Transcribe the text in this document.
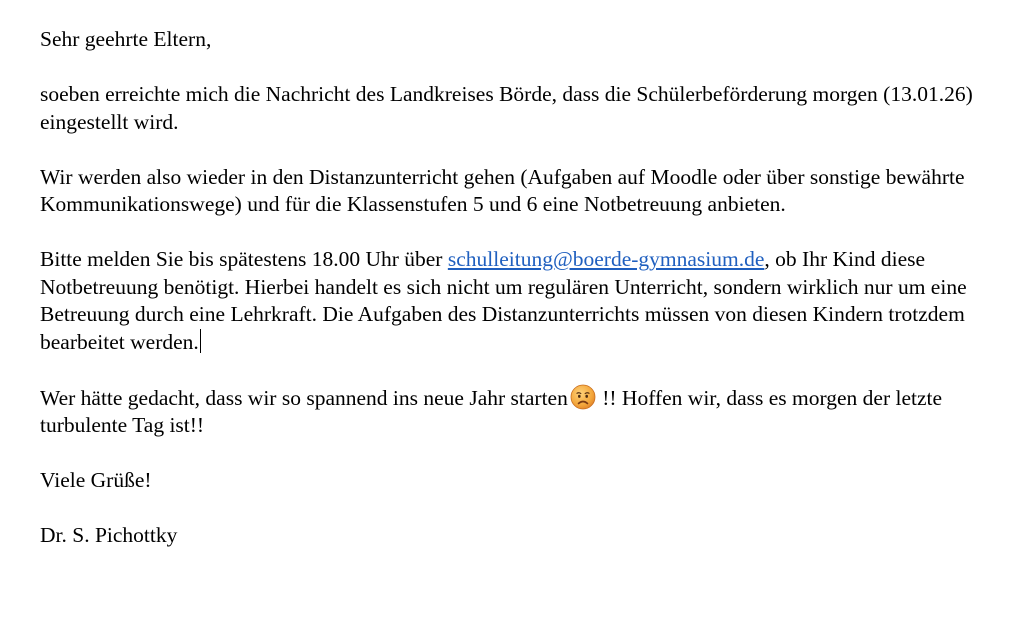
Sehr geehrte Eltern,

soeben erreichte mich die Nachricht des Landkreises Börde, dass die Schülerbeförderung morgen (13.01.26) eingestellt wird.

Wir werden also wieder in den Distanzunterricht gehen (Aufgaben auf Moodle oder über sonstige bewährte Kommunikationswege) und für die Klassenstufen 5 und 6 eine Notbetreuung anbieten.

Bitte melden Sie bis spätestens 18.00 Uhr über schulleitung@boerde-gymnasium.de, ob Ihr Kind diese Notbetreuung benötigt. Hierbei handelt es sich nicht um regulären Unterricht, sondern wirklich nur um eine Betreuung durch eine Lehrkraft. Die Aufgaben des Distanzunterrichts müssen von diesen Kindern trotzdem bearbeitet werden.

Wer hätte gedacht, dass wir so spannend ins neue Jahr starten !! Hoffen wir, dass es morgen der letzte turbulente Tag ist!!

Viele Grüße!

Dr. S. Pichottky
